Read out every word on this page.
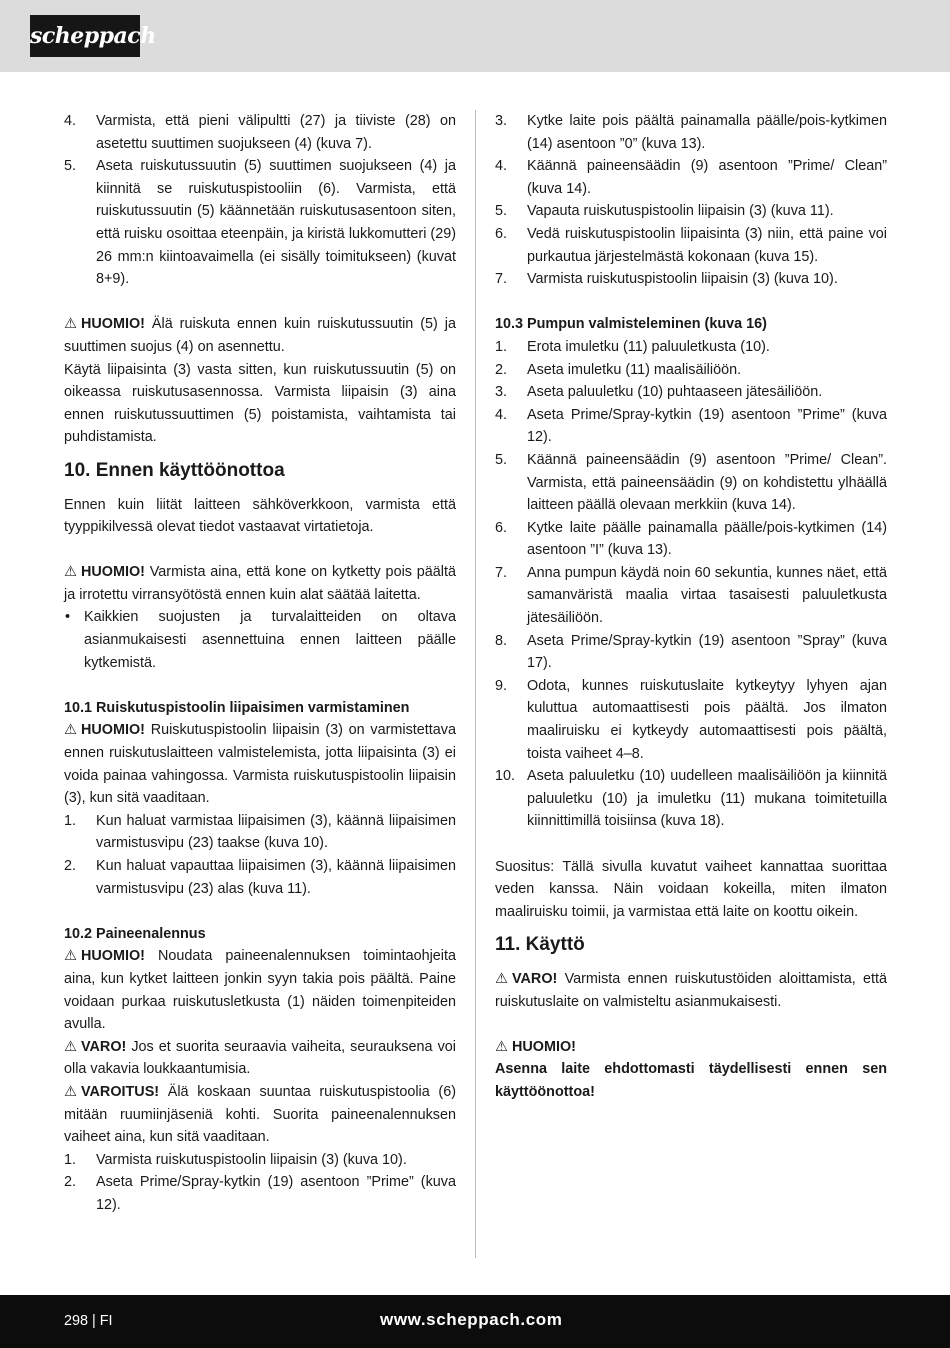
scheppach
4.	Varmista, että pieni välipultti (27) ja tiiviste (28) on asetettu suuttimen suojukseen (4) (kuva 7).
5.	Aseta ruiskutussuutin (5) suuttimen suojukseen (4) ja kiinnitä se ruiskutuspistooliin (6). Varmista, että ruiskutussuutin (5) käännetään ruiskutusasentoon siten, että ruisku osoittaa eteenpäin, ja kiristä lukkomutteri (29) 26 mm:n kiintoavaimella (ei sisälly toimitukseen) (kuvat 8+9).

⚠ HUOMIO! Älä ruiskuta ennen kuin ruiskutussuutin (5) ja suuttimen suojus (4) on asennettu.

Käytä liipaisinta (3) vasta sitten, kun ruiskutussuutin (5) on oikeassa ruiskutusasennossa. Varmista liipaisin (3) aina ennen ruiskutussuuttimen (5) poistamista, vaihtamista tai puhdistamista.

10. Ennen käyttöönottoa

Ennen kuin liität laitteen sähköverkkoon, varmista että tyyppikilvessä olevat tiedot vastaavat virtatietoja.

⚠ HUOMIO! Varmista aina, että kone on kytketty pois päältä ja irrotettu virransyötöstä ennen kuin alat säätää laitetta.

• Kaikkien suojusten ja turvalaitteiden on oltava asianmukaisesti asennettuina ennen laitteen päälle kytkemistä.
10.1 Ruiskutuspistoolin liipaisimen varmistaminen

⚠ HUOMIO! Ruiskutuspistoolin liipaisin (3) on varmistettava ennen ruiskutuslaitteen valmistelemista, jotta liipaisinta (3) ei voida painaa vahingossa. Varmista ruiskutuspistoolin liipaisin (3), kun sitä vaaditaan.

1.	Kun haluat varmistaa liipaisimen (3), käännä liipaisimen varmistusvipu (23) taakse (kuva 10).
2.	Kun haluat vapauttaa liipaisimen (3), käännä liipaisimen varmistusvipu (23) alas (kuva 11).
10.2 Paineenalennus

⚠ HUOMIO! Noudata paineenalennuksen toimintaohjeita aina, kun kytket laitteen jonkin syyn takia pois päältä. Paine voidaan purkaa ruiskutusletkusta (1) näiden toimenpiteiden avulla.

⚠ VARO! Jos et suorita seuraavia vaiheita, seurauksena voi olla vakavia loukkaantumisia.

⚠ VAROITUS! Älä koskaan suuntaa ruiskutuspistoolia (6) mitään ruumiinjäseniä kohti. Suorita paineenalennuksen vaiheet aina, kun sitä vaaditaan.

1.	Varmista ruiskutuspistoolin liipaisin (3) (kuva 10).
2.	Aseta Prime/Spray-kytkin (19) asentoon ”Prime” (kuva 12).
3.	Kytke laite pois päältä painamalla päälle/pois-kytkimen (14) asentoon ”0” (kuva 13).
4.	Käännä paineensäädin (9) asentoon ”Prime/ Clean” (kuva 14).
5.	Vapauta ruiskutuspistoolin liipaisin (3) (kuva 11).
6.	Vedä ruiskutuspistoolin liipaisinta (3) niin, että paine voi purkautua järjestelmästä kokonaan (kuva 15).
7.	Varmista ruiskutuspistoolin liipaisin (3) (kuva 10).
10.3 Pumpun valmisteleminen (kuva 16)
1.	Erota imuletku (11) paluuletkusta (10).
2.	Aseta imuletku (11) maalisäiliöön.
3.	Aseta paluuletku (10) puhtaaseen jätesäiliöön.
4.	Aseta Prime/Spray-kytkin (19) asentoon ”Prime” (kuva 12).
5.	Käännä paineensäädin (9) asentoon ”Prime/ Clean”. Varmista, että paineensäädin (9) on kohdistettu ylhäällä laitteen päällä olevaan merkkiin (kuva 14).
6.	Kytke laite päälle painamalla päälle/pois-kytkimen (14) asentoon ”I” (kuva 13).
7.	Anna pumpun käydä noin 60 sekuntia, kunnes näet, että samanväristä maalia virtaa tasaisesti paluuletkusta jätesäiliöön.
8.	Aseta Prime/Spray-kytkin (19) asentoon ”Spray” (kuva 17).
9.	Odota, kunnes ruiskutuslaite kytkeytyy lyhyen ajan kuluttua automaattisesti pois päältä. Jos ilmaton maaliruisku ei kytkeydy automaattisesti pois päältä, toista vaiheet 4–8.
10. Aseta paluuletku (10) uudelleen maalisäiliöön ja kiinnitä paluuletku (10) ja imuletku (11) mukana toimitetuilla kiinnittimillä toisiinsa (kuva 18).

Suositus: Tällä sivulla kuvatut vaiheet kannattaa suorittaa veden kanssa. Näin voidaan kokeilla, miten ilmaton maaliruisku toimii, ja varmistaa että laite on koottu oikein.

11. Käyttö

⚠ VARO! Varmista ennen ruiskutustöiden aloittamista, että ruiskutuslaite on valmisteltu asianmukaisesti.

⚠ HUOMIO!

Asenna laite ehdottomasti täydellisesti ennen sen käyttöönottoa!

298 | FI	www.scheppach.com
